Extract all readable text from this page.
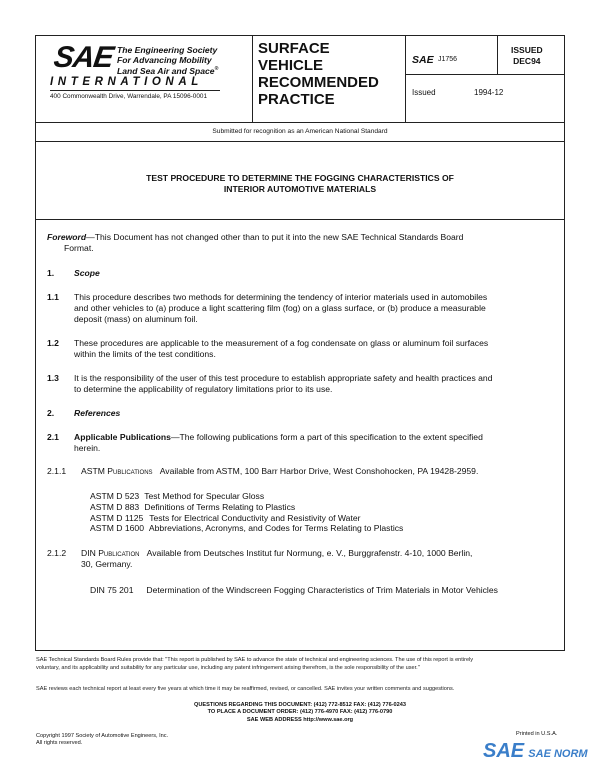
SAE The Engineering Society
For Advancing Mobility
Land Sea Air and Space®
INTERNATIONAL
400 Commonwealth Drive, Warrendale, PA 15096-0001
SURFACE
VEHICLE
RECOMMENDED
PRACTICE
SAE J1756
ISSUED
DEC94
Issued	1994-12
Submitted for recognition as an American National Standard
TEST PROCEDURE TO DETERMINE THE FOGGING CHARACTERISTICS OF
INTERIOR AUTOMOTIVE MATERIALS
Foreword—This Document has not changed other than to put it into the new SAE Technical Standards Board
Format.
1. Scope
1.1 This procedure describes two methods for determining the tendency of interior materials used in automobiles
and other vehicles to (a) produce a light scattering film (fog) on a glass surface, or (b) produce a measurable
deposit (mass) on aluminum foil.
1.2 These procedures are applicable to the measurement of a fog condensate on glass or aluminum foil surfaces
within the limits of the test conditions.
1.3 It is the responsibility of the user of this test procedure to establish appropriate safety and health practices and
to determine the applicability of regulatory limitations prior to its use.
2. References
2.1 Applicable Publications—The following publications form a part of this specification to the extent specified
herein.
2.1.1 ASTM Publications Available from ASTM, 100 Barr Harbor Drive, West Conshohocken, PA 19428-2959.
ASTM D 523 Test Method for Specular Gloss
ASTM D 883 Definitions of Terms Relating to Plastics
ASTM D 1125 Tests for Electrical Conductivity and Resistivity of Water
ASTM D 1600 Abbreviations, Acronyms, and Codes for Terms Relating to Plastics
2.1.2 DIN Publication Available from Deutsches Institut fur Normung, e. V., Burggrafenstr. 4-10, 1000 Berlin,
30, Germany.
DIN 75 201 Determination of the Windscreen Fogging Characteristics of Trim Materials in Motor Vehicles
SAE Technical Standards Board Rules provide that: "This report is published by SAE to advance the state of technical and engineering sciences. The use of this report is entirely
voluntary, and its applicability and suitability for any particular use, including any patent infringement arising therefrom, is the sole responsibility of the user."
SAE reviews each technical report at least every five years at which time it may be reaffirmed, revised, or cancelled. SAE invites your written comments and suggestions.
QUESTIONS REGARDING THIS DOCUMENT: (412) 772-8512 FAX: (412) 776-0243
TO PLACE A DOCUMENT ORDER: (412) 776-4970 FAX: (412) 776-0790
SAE WEB ADDRESS http://www.sae.org
Copyright 1997 Society of Automotive Engineers, Inc.
All rights reserved.
Printed in U.S.A.
SAE SAE NORM
